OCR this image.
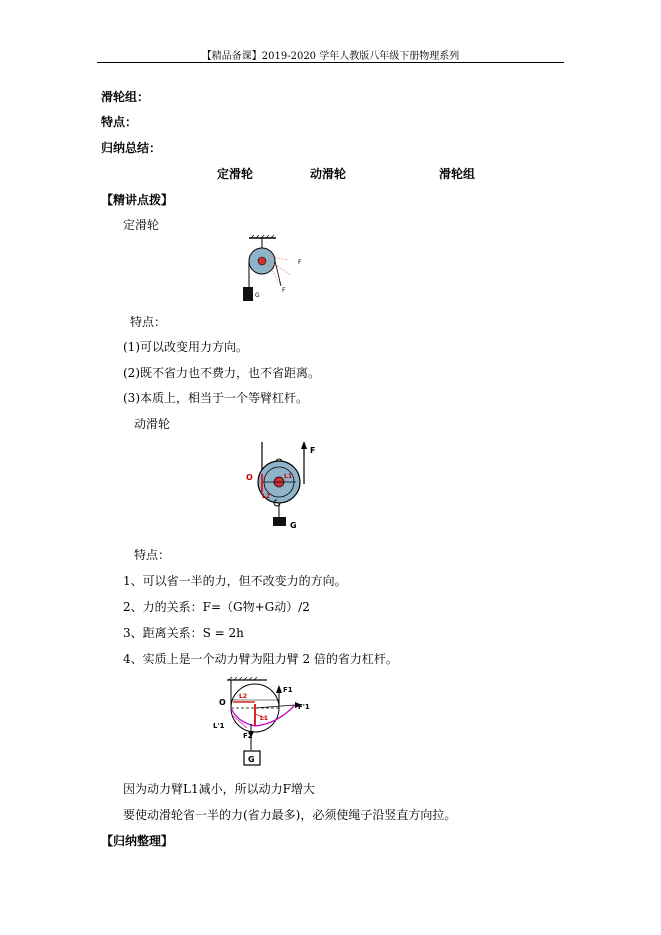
【精品备课】2019-2020 学年人教版八年级下册物理系列
滑轮组：
特点：
归纳总结：
定滑轮	动滑轮	滑轮组
【精讲点拨】
定滑轮
F
F
G
特点：
(1)可以改变用力方向。
(2)既不省力也不费力，也不省距离。
(3)本质上，相当于一个等臂杠杆。
动滑轮
F
O	L1
L2
G
特点：
1、可以省一半的力，但不改变力的方向。
2、力的关系：F=（G物+G动）/2
3、距离关系：S = 2h
4、实质上是一个动力臂为阻力臂 2 倍的省力杠杆。
F1
F'1
L1
L2
O
L'1
F2
G
因为动力臂L1减小，所以动力F增大
要使动滑轮省一半的力(省力最多)，必须使绳子沿竖直方向拉。
【归纳整理】
